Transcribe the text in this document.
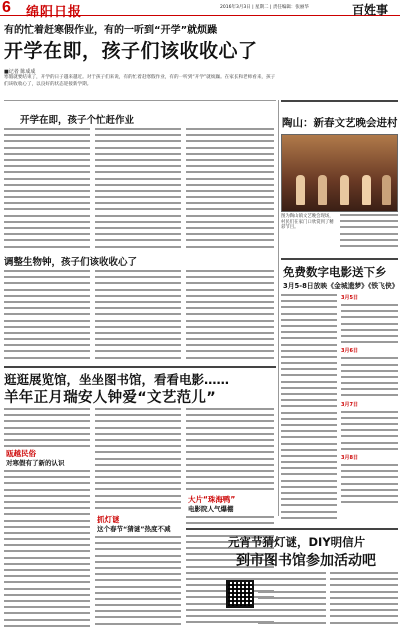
6 绵阳日报	2016年3月3日 | 星期二 | 责任编辑：张丽华	百姓事
有的忙着赶寒假作业，有的一听到“开学”就烦躁
开学在即，孩子们该收收心了
■记者 陈成成
寒假就要结束了，开学的日子越来越近。对于孩子们来说，有的忙着赶寒假作业，有的一听到“开学”就烦躁。在家长和老师看来，孩子们该收收心了，以良好的状态迎接新学期。
开学在即，孩子个忙赶作业
调整生物钟，孩子们该收收心了
逛逛展览馆，坐坐图书馆，看看电影……
羊年正月瑞安人钟爱“文艺范儿”
瓯越民俗
对寒假有了新的认识
抓灯谜
这个春节“猜谜”热度不减
大片“珠海鸭”
电影院人气爆棚
陶山：新春文艺晚会进村
图为陶山镇文艺晚会现场，村民们在家门口欣赏到了精彩节目。
免费数字电影送下乡
3月5-8日放映《金城遗梦》《铁飞侠》
3月5日
3月6日
3月7日
3月8日
元宵节猜灯谜，DIY明信片
到市图书馆参加活动吧
